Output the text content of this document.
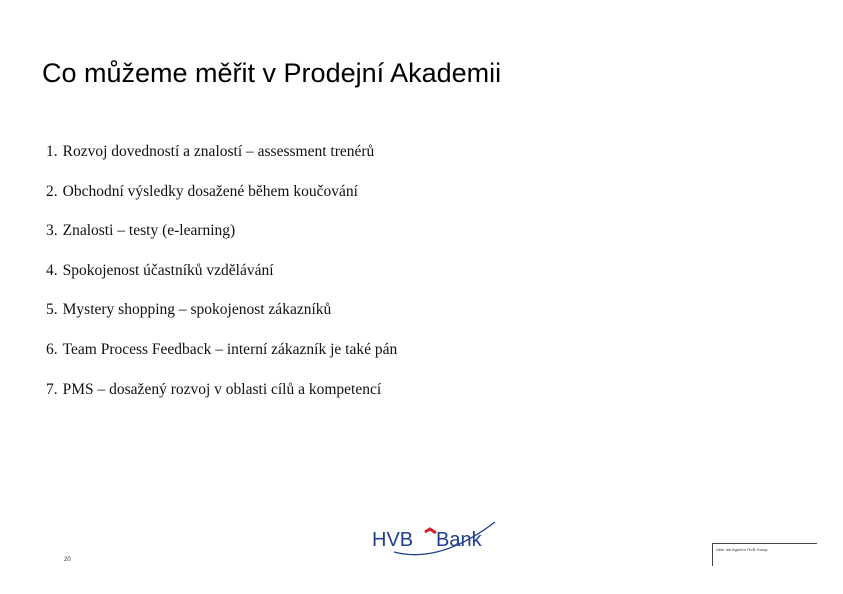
Co můžeme měřit v Prodejní Akademii
1. Rozvoj dovedností a znalostí – assessment trenérů
2. Obchodní výsledky dosažené během koučování
3. Znalosti – testy (e-learning)
4. Spokojenost účastníků vzdělávání
5. Mystery shopping – spokojenost zákazníků
6. Team Process Feedback – interní zákazník je také pán
7. PMS – dosažený rozvoj v oblasti cílů a kompetencí
HVB Bank
20
Über die Agentur HVB Group
